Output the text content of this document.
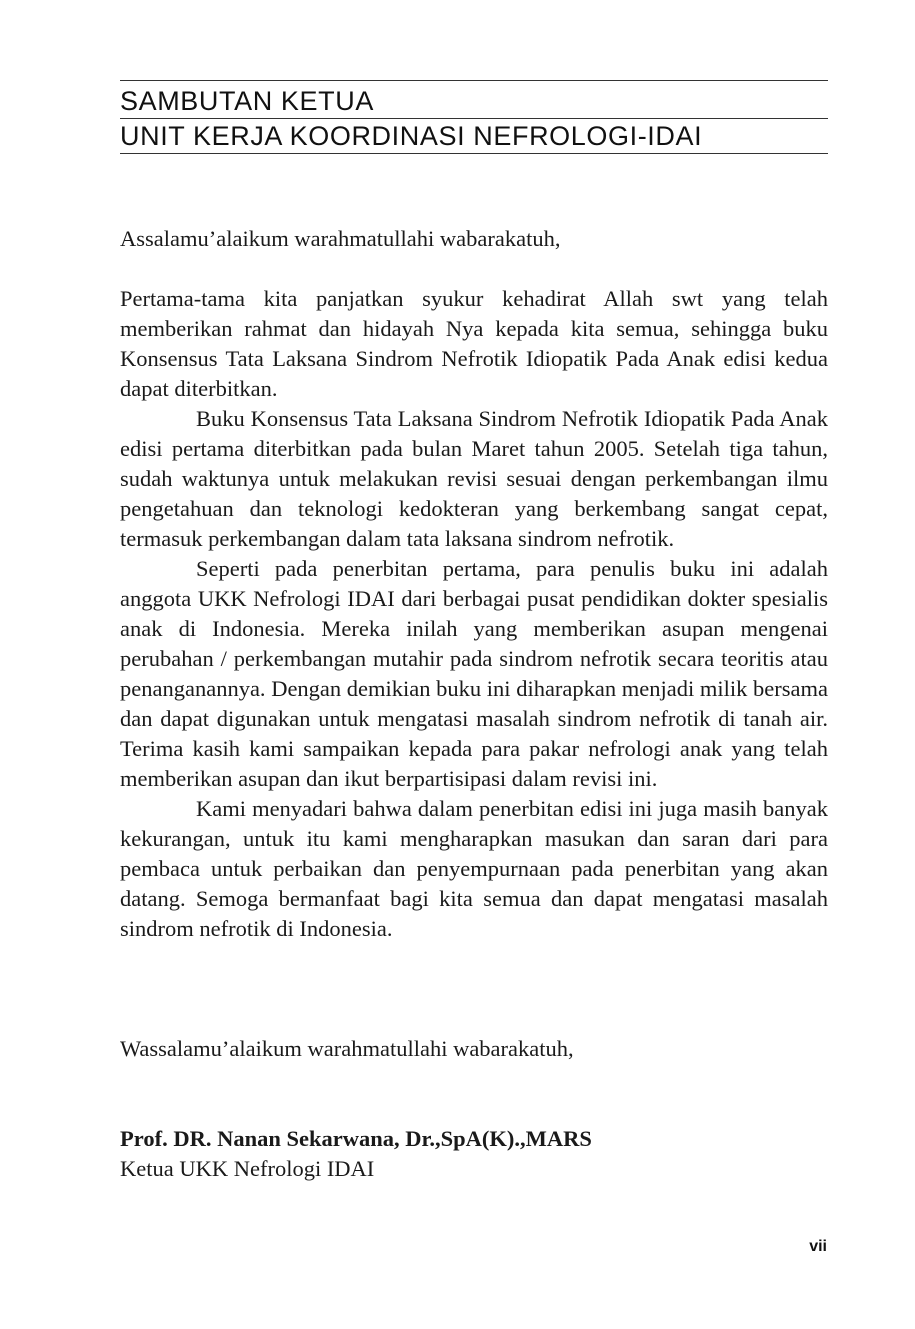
SAMBUTAN KETUA
UNIT KERJA KOORDINASI NEFROLOGI-IDAI
Assalamu’alaikum warahmatullahi wabarakatuh,

Pertama-tama kita panjatkan syukur kehadirat Allah swt yang telah memberikan rahmat dan hidayah Nya kepada kita semua, sehingga buku Konsensus Tata Laksana Sindrom Nefrotik Idiopatik Pada Anak edisi kedua dapat diterbitkan.

Buku Konsensus Tata Laksana Sindrom Nefrotik Idiopatik Pada Anak edisi pertama diterbitkan pada bulan Maret tahun 2005. Setelah tiga tahun, sudah waktunya untuk melakukan revisi sesuai dengan perkembangan ilmu pengetahuan dan teknologi kedokteran yang berkembang sangat cepat, termasuk perkembangan dalam tata laksana sindrom nefrotik.

Seperti pada penerbitan pertama, para penulis buku ini adalah anggota UKK Nefrologi IDAI dari berbagai pusat pendidikan dokter spesialis anak di Indonesia. Mereka inilah yang memberikan asupan mengenai perubahan / perkembangan mutahir pada sindrom nefrotik secara teoritis atau penanganannya. Dengan demikian buku ini diharapkan menjadi milik bersama dan dapat digunakan untuk mengatasi masalah sindrom nefrotik di tanah air. Terima kasih kami sampaikan kepada para pakar nefrologi anak yang telah memberikan asupan dan ikut berpartisipasi dalam revisi ini.

Kami menyadari bahwa dalam penerbitan edisi ini juga masih banyak kekurangan, untuk itu kami mengharapkan masukan dan saran dari para pembaca untuk perbaikan dan penyempurnaan pada penerbitan yang akan datang. Semoga bermanfaat bagi kita semua dan dapat mengatasi masalah sindrom nefrotik di Indonesia.

Wassalamu’alaikum warahmatullahi wabarakatuh,
Prof. DR. Nanan Sekarwana, Dr.,SpA(K).,MARS
Ketua UKK Nefrologi IDAI
vii
